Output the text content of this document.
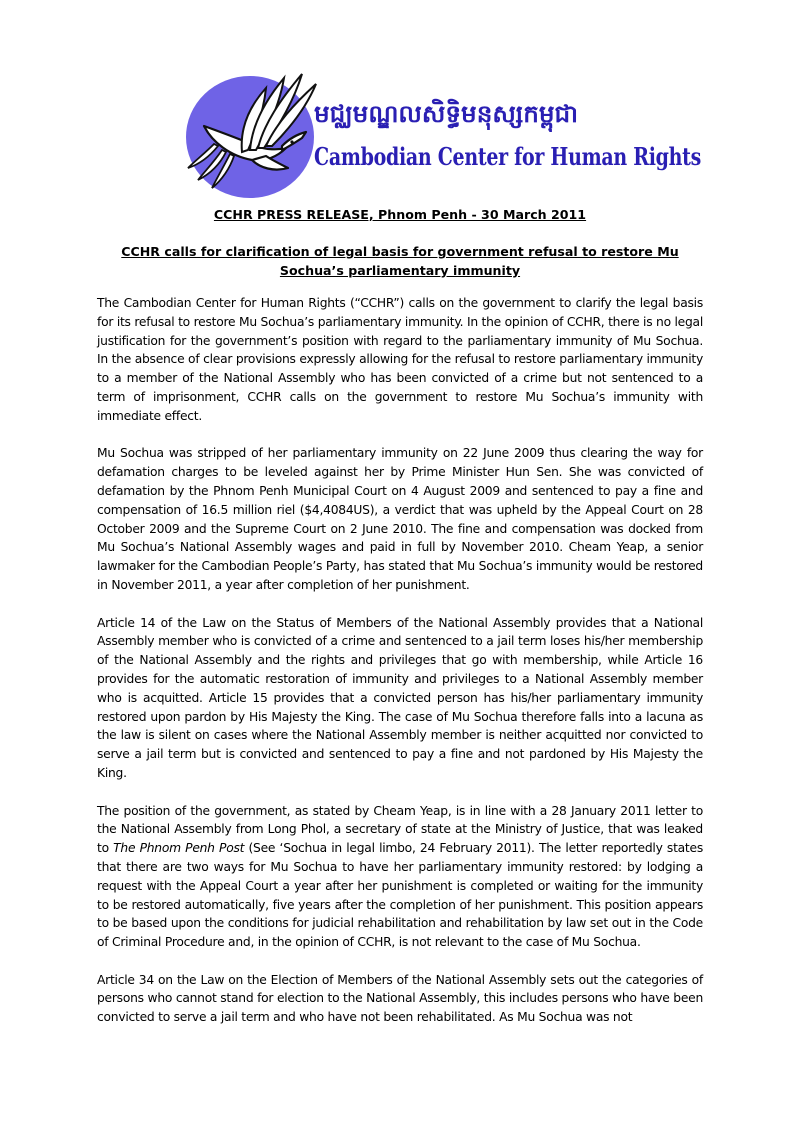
មជ្ឈមណ្ឌលសិទ្ធិមនុស្សកម្ពុជា
Cambodian Center for Human Rights
CCHR PRESS RELEASE, Phnom Penh - 30 March 2011
CCHR calls for clarification of legal basis for government refusal to restore Mu Sochua’s parliamentary immunity

The Cambodian Center for Human Rights (“CCHR”) calls on the government to clarify the legal basis for its refusal to restore Mu Sochua’s parliamentary immunity. In the opinion of CCHR, there is no legal justification for the government’s position with regard to the parliamentary immunity of Mu Sochua. In the absence of clear provisions expressly allowing for the refusal to restore parliamentary immunity to a member of the National Assembly who has been convicted of a crime but not sentenced to a term of imprisonment, CCHR calls on the government to restore Mu Sochua’s immunity with immediate effect.

Mu Sochua was stripped of her parliamentary immunity on 22 June 2009 thus clearing the way for defamation charges to be leveled against her by Prime Minister Hun Sen. She was convicted of defamation by the Phnom Penh Municipal Court on 4 August 2009 and sentenced to pay a fine and compensation of 16.5 million riel ($4,4084US), a verdict that was upheld by the Appeal Court on 28 October 2009 and the Supreme Court on 2 June 2010. The fine and compensation was docked from Mu Sochua’s National Assembly wages and paid in full by November 2010. Cheam Yeap, a senior lawmaker for the Cambodian People’s Party, has stated that Mu Sochua’s immunity would be restored in November 2011, a year after completion of her punishment.

Article 14 of the Law on the Status of Members of the National Assembly provides that a National Assembly member who is convicted of a crime and sentenced to a jail term loses his/her membership of the National Assembly and the rights and privileges that go with membership, while Article 16 provides for the automatic restoration of immunity and privileges to a National Assembly member who is acquitted. Article 15 provides that a convicted person has his/her parliamentary immunity restored upon pardon by His Majesty the King. The case of Mu Sochua therefore falls into a lacuna as the law is silent on cases where the National Assembly member is neither acquitted nor convicted to serve a jail term but is convicted and sentenced to pay a fine and not pardoned by His Majesty the King.

The position of the government, as stated by Cheam Yeap, is in line with a 28 January 2011 letter to the National Assembly from Long Phol, a secretary of state at the Ministry of Justice, that was leaked to The Phnom Penh Post (See ‘Sochua in legal limbo, 24 February 2011). The letter reportedly states that there are two ways for Mu Sochua to have her parliamentary immunity restored: by lodging a request with the Appeal Court a year after her punishment is completed or waiting for the immunity to be restored automatically, five years after the completion of her punishment. This position appears to be based upon the conditions for judicial rehabilitation and rehabilitation by law set out in the Code of Criminal Procedure and, in the opinion of CCHR, is not relevant to the case of Mu Sochua.

Article 34 on the Law on the Election of Members of the National Assembly sets out the categories of persons who cannot stand for election to the National Assembly, this includes persons who have been convicted to serve a jail term and who have not been rehabilitated. As Mu Sochua was not
